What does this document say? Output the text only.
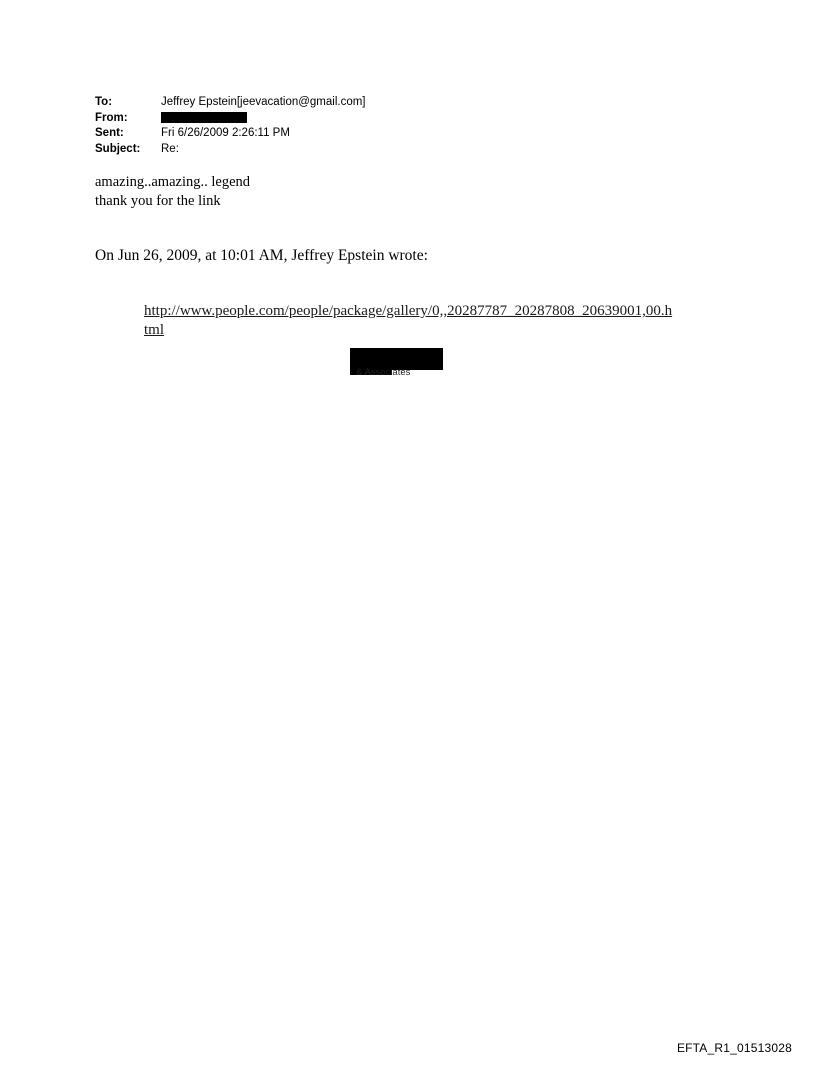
To:	Jeffrey Epstein[jeevacation@gmail.com]
From:
Sent:	Fri 6/26/2009 2:26:11 PM
Subject:	Re:
amazing..amazing.. legend
thank you for the link
On Jun 26, 2009, at 10:01 AM, Jeffrey Epstein wrote:
http://www.people.com/people/package/gallery/0,,20287787_20287808_20639001,00.html
& Associates
EFTA_R1_01513028
